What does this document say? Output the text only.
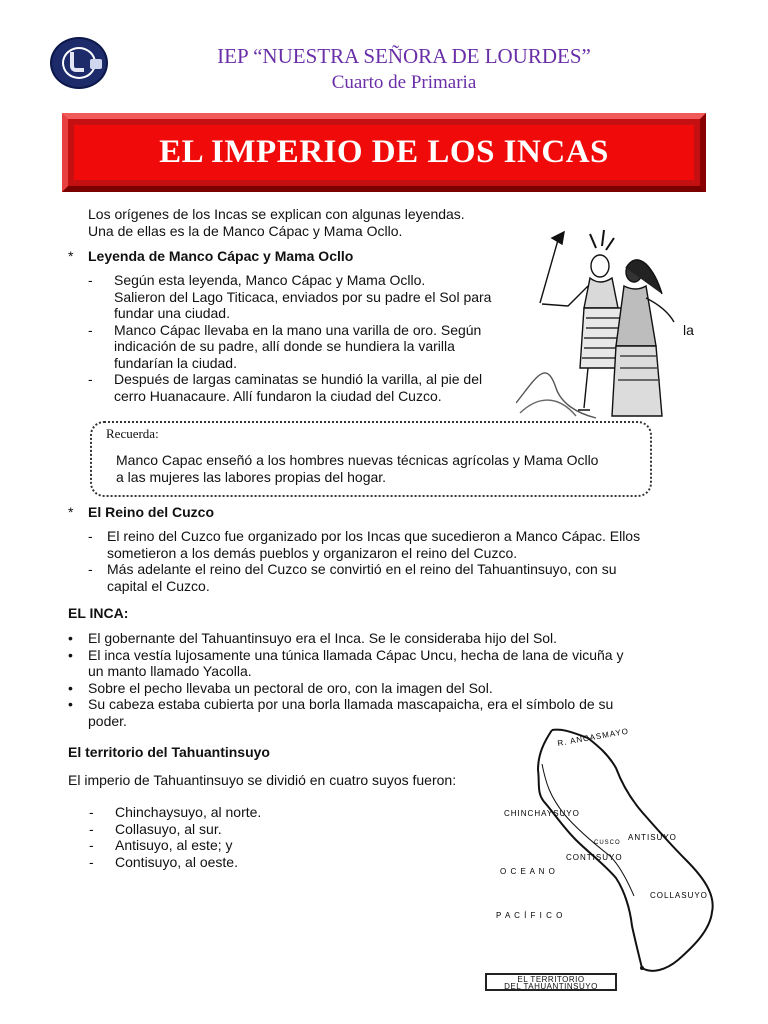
IEP “NUESTRA SEÑORA DE LOURDES”
Cuarto de Primaria
EL IMPERIO DE LOS INCAS
Los orígenes de los Incas se explican con algunas leyendas.
Una de ellas es la de Manco Cápac y Mama Ocllo.
* Leyenda de Manco Cápac y Mama Ocllo
- Según esta leyenda, Manco Cápac y Mama Ocllo.
Salieron del Lago Titicaca, enviados por su padre el Sol para
fundar una ciudad.
- Manco Cápac llevaba en la mano una varilla de oro. Según
indicación de su padre, allí donde se hundiera la varilla
fundarían la ciudad.
- Después de largas caminatas se hundió la varilla, al pie del
cerro Huanacaure. Allí fundaron la ciudad del Cuzco.
la
Recuerda:
Manco Capac enseñó a los hombres nuevas técnicas agrícolas y Mama Ocllo
a las mujeres las labores propias del hogar.
* El Reino del Cuzco
- El reino del Cuzco fue organizado por los Incas que sucedieron a Manco Cápac. Ellos
sometieron a los demás pueblos y organizaron el reino del Cuzco.
- Más adelante el reino del Cuzco se convirtió en el reino del Tahuantinsuyo, con su
capital el Cuzco.
EL INCA:
• El gobernante del Tahuantinsuyo era el Inca. Se le consideraba hijo del Sol.
• El inca vestía lujosamente una túnica llamada Cápac Uncu, hecha de lana de vicuña y
un manto llamado Yacolla.
• Sobre el pecho llevaba un pectoral de oro, con la imagen del Sol.
• Su cabeza estaba cubierta por una borla llamada mascapaicha, era el símbolo de su
poder.
El territorio del Tahuantinsuyo
El imperio de Tahuantinsuyo se dividió en cuatro suyos fueron:
- Chinchaysuyo, al norte.
- Collasuyo, al sur.
- Antisuyo, al este; y
- Contisuyo, al oeste.
R. ANCASMAYO
CHINCHAYSUYO
ANTISUYO
CUSCO
CONTISUYO
O C E A N O
COLLASUYO
P A C Í F I C O
EL TERRITORIO
DEL TAHUANTINSUYO
